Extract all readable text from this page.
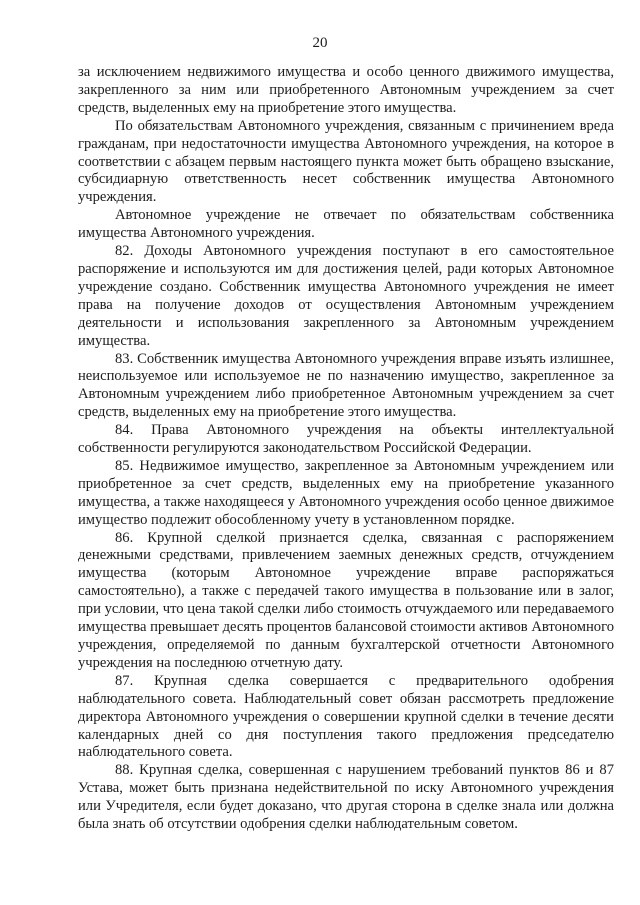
20

за исключением недвижимого имущества и особо ценного движимого имущества, закрепленного за ним или приобретенного Автономным учреждением за счет средств, выделенных ему на приобретение этого имущества.

По обязательствам Автономного учреждения, связанным с причинением вреда гражданам, при недостаточности имущества Автономного учреждения, на которое в соответствии с абзацем первым настоящего пункта может быть обращено взыскание, субсидиарную ответственность несет собственник имущества Автономного учреждения.

Автономное учреждение не отвечает по обязательствам собственника имущества Автономного учреждения.

82. Доходы Автономного учреждения поступают в его самостоятельное распоряжение и используются им для достижения целей, ради которых Автономное учреждение создано. Собственник имущества Автономного учреждения не имеет права на получение доходов от осуществления Автономным учреждением деятельности и использования закрепленного за Автономным учреждением имущества.

83. Собственник имущества Автономного учреждения вправе изъять излишнее, неиспользуемое или используемое не по назначению имущество, закрепленное за Автономным учреждением либо приобретенное Автономным учреждением за счет средств, выделенных ему на приобретение этого имущества.

84. Права Автономного учреждения на объекты интеллектуальной собственности регулируются законодательством Российской Федерации.

85. Недвижимое имущество, закрепленное за Автономным учреждением или приобретенное за счет средств, выделенных ему на приобретение указанного имущества, а также находящееся у Автономного учреждения особо ценное движимое имущество подлежит обособленному учету в установленном порядке.

86. Крупной сделкой признается сделка, связанная с распоряжением денежными средствами, привлечением заемных денежных средств, отчуждением имущества (которым Автономное учреждение вправе распоряжаться самостоятельно), а также с передачей такого имущества в пользование или в залог, при условии, что цена такой сделки либо стоимость отчуждаемого или передаваемого имущества превышает десять процентов балансовой стоимости активов Автономного учреждения, определяемой по данным бухгалтерской отчетности Автономного учреждения на последнюю отчетную дату.

87. Крупная сделка совершается с предварительного одобрения наблюдательного совета. Наблюдательный совет обязан рассмотреть предложение директора Автономного учреждения о совершении крупной сделки в течение десяти календарных дней со дня поступления такого предложения председателю наблюдательного совета.

88. Крупная сделка, совершенная с нарушением требований пунктов 86 и 87 Устава, может быть признана недействительной по иску Автономного учреждения или Учредителя, если будет доказано, что другая сторона в сделке знала или должна была знать об отсутствии одобрения сделки наблюдательным советом.
